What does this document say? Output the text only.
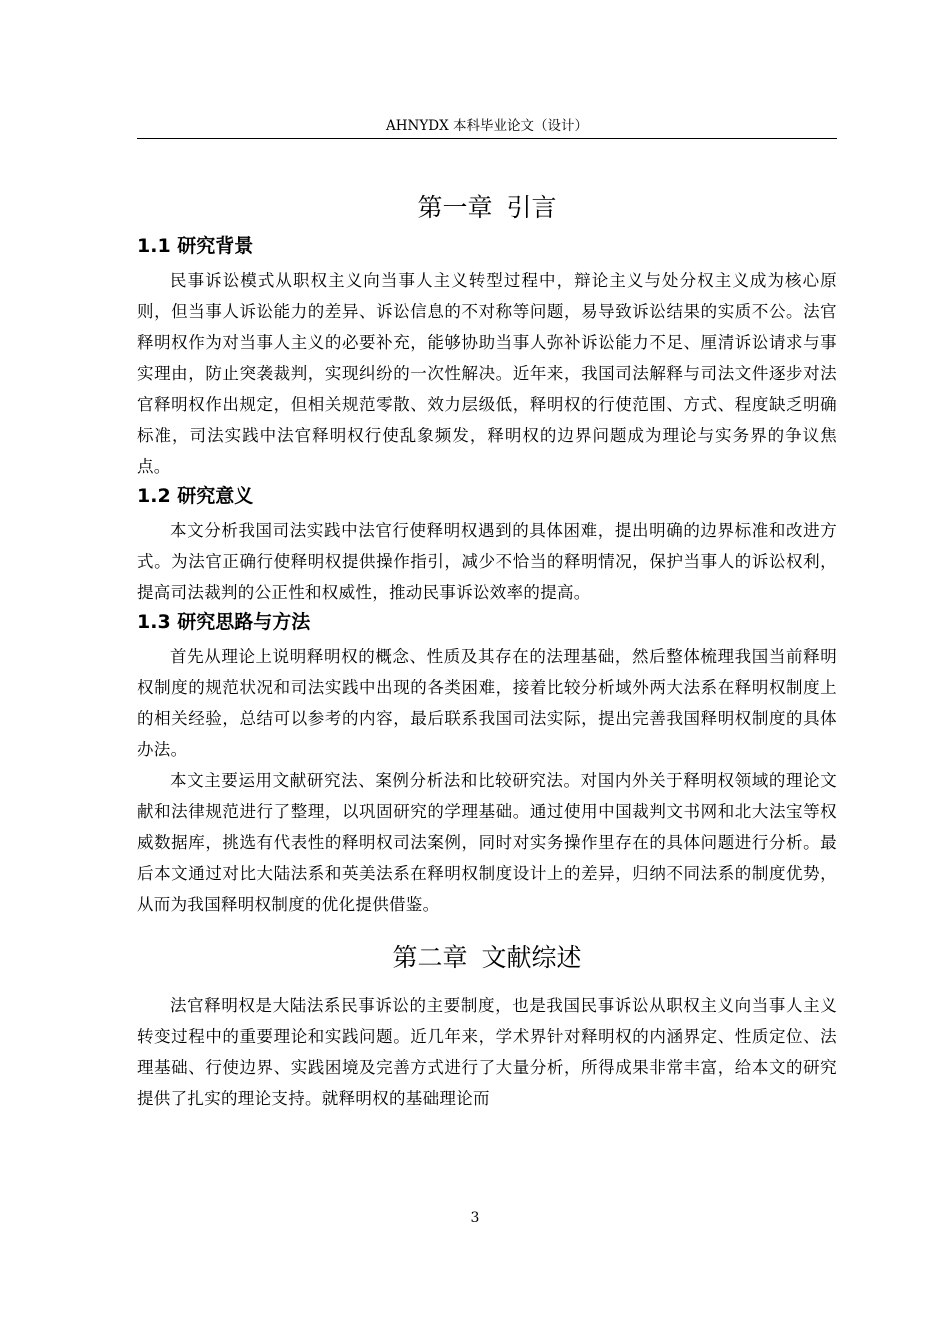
AHNYDX 本科毕业论文（设计）
第一章 引言
1.1 研究背景

民事诉讼模式从职权主义向当事人主义转型过程中，辩论主义与处分权主义成为核心原则，但当事人诉讼能力的差异、诉讼信息的不对称等问题，易导致诉讼结果的实质不公。法官释明权作为对当事人主义的必要补充，能够协助当事人弥补诉讼能力不足、厘清诉讼请求与事实理由，防止突袭裁判，实现纠纷的一次性解决。近年来，我国司法解释与司法文件逐步对法官释明权作出规定，但相关规范零散、效力层级低，释明权的行使范围、方式、程度缺乏明确标准，司法实践中法官释明权行使乱象频发，释明权的边界问题成为理论与实务界的争议焦点。

1.2 研究意义

本文分析我国司法实践中法官行使释明权遇到的具体困难，提出明确的边界标准和改进方式。为法官正确行使释明权提供操作指引，减少不恰当的释明情况，保护当事人的诉讼权利，提高司法裁判的公正性和权威性，推动民事诉讼效率的提高。

1.3 研究思路与方法

首先从理论上说明释明权的概念、性质及其存在的法理基础，然后整体梳理我国当前释明权制度的规范状况和司法实践中出现的各类困难，接着比较分析域外两大法系在释明权制度上的相关经验，总结可以参考的内容，最后联系我国司法实际，提出完善我国释明权制度的具体办法。

本文主要运用文献研究法、案例分析法和比较研究法。对国内外关于释明权领域的理论文献和法律规范进行了整理，以巩固研究的学理基础。通过使用中国裁判文书网和北大法宝等权威数据库，挑选有代表性的释明权司法案例，同时对实务操作里存在的具体问题进行分析。最后本文通过对比大陆法系和英美法系在释明权制度设计上的差异，归纳不同法系的制度优势，从而为我国释明权制度的优化提供借鉴。

第二章 文献综述

法官释明权是大陆法系民事诉讼的主要制度，也是我国民事诉讼从职权主义向当事人主义转变过程中的重要理论和实践问题。近几年来，学术界针对释明权的内涵界定、性质定位、法理基础、行使边界、实践困境及完善方式进行了大量分析，所得成果非常丰富，给本文的研究提供了扎实的理论支持。就释明权的基础理论而

3
